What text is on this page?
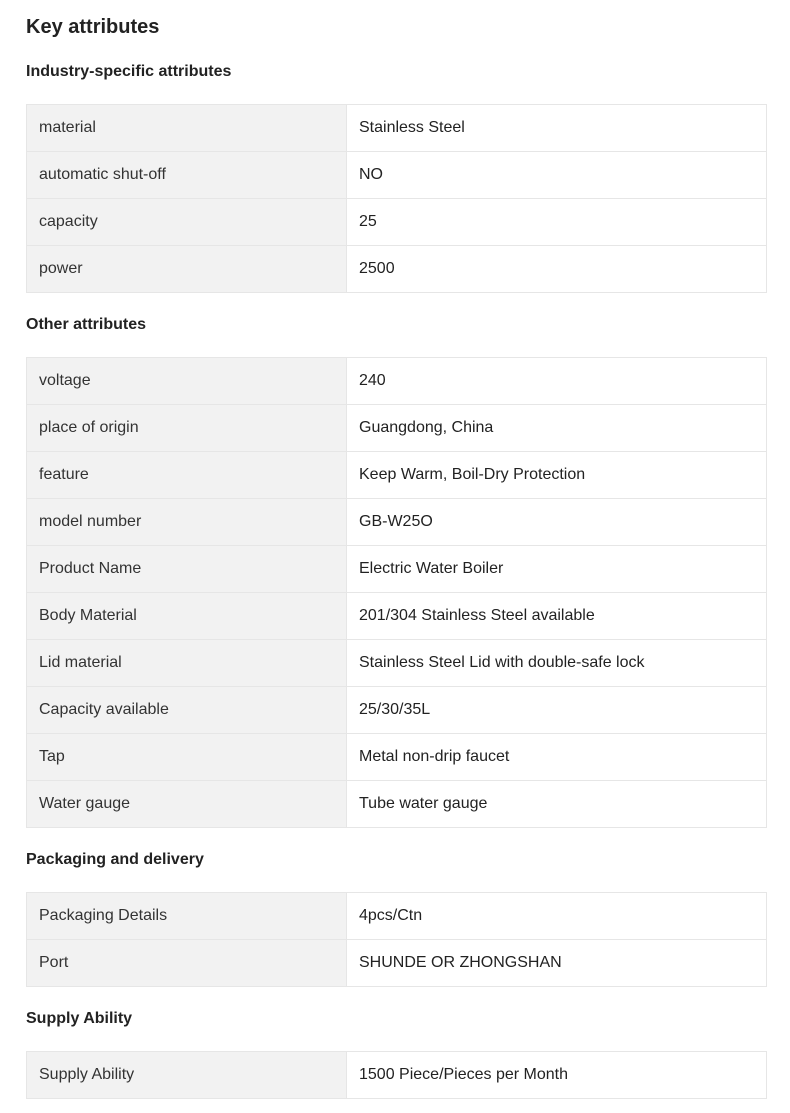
Key attributes
Industry-specific attributes
material	Stainless Steel
automatic shut-off	NO
capacity	25
power	2500
Other attributes
voltage	240
place of origin	Guangdong, China
feature	Keep Warm, Boil-Dry Protection
model number	GB-W25O
Product Name	Electric Water Boiler
Body Material	201/304 Stainless Steel available
Lid material	Stainless Steel Lid with double-safe lock
Capacity available	25/30/35L
Tap	Metal non-drip faucet
Water gauge	Tube water gauge
Packaging and delivery
Packaging Details	4pcs/Ctn
Port	SHUNDE OR ZHONGSHAN
Supply Ability
Supply Ability	1500 Piece/Pieces per Month
